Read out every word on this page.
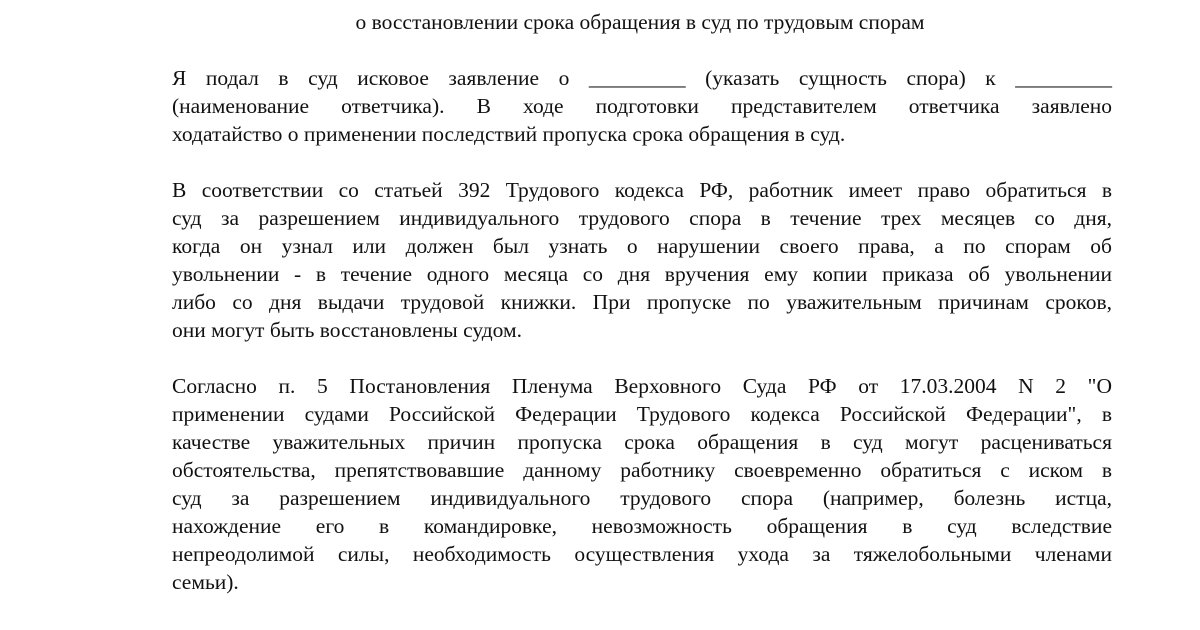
о восстановлении срока обращения в суд по трудовым спорам

Я подал в суд исковое заявление о _________ (указать сущность спора) к _________
(наименование ответчика). В ходе подготовки представителем ответчика заявлено
ходатайство о применении последствий пропуска срока обращения в суд.

В соответствии со статьей 392 Трудового кодекса РФ, работник имеет право обратиться в
суд за разрешением индивидуального трудового спора в течение трех месяцев со дня,
когда он узнал или должен был узнать о нарушении своего права, а по спорам об
увольнении - в течение одного месяца со дня вручения ему копии приказа об увольнении
либо со дня выдачи трудовой книжки. При пропуске по уважительным причинам сроков,
они могут быть восстановлены судом.

Согласно п. 5 Постановления Пленума Верховного Суда РФ от 17.03.2004 N 2 "О
применении судами Российской Федерации Трудового кодекса Российской Федерации", в
качестве уважительных причин пропуска срока обращения в суд могут расцениваться
обстоятельства, препятствовавшие данному работнику своевременно обратиться с иском в
суд за разрешением индивидуального трудового спора (например, болезнь истца,
нахождение его в командировке, невозможность обращения в суд вследствие
непреодолимой силы, необходимость осуществления ухода за тяжелобольными членами
семьи).
